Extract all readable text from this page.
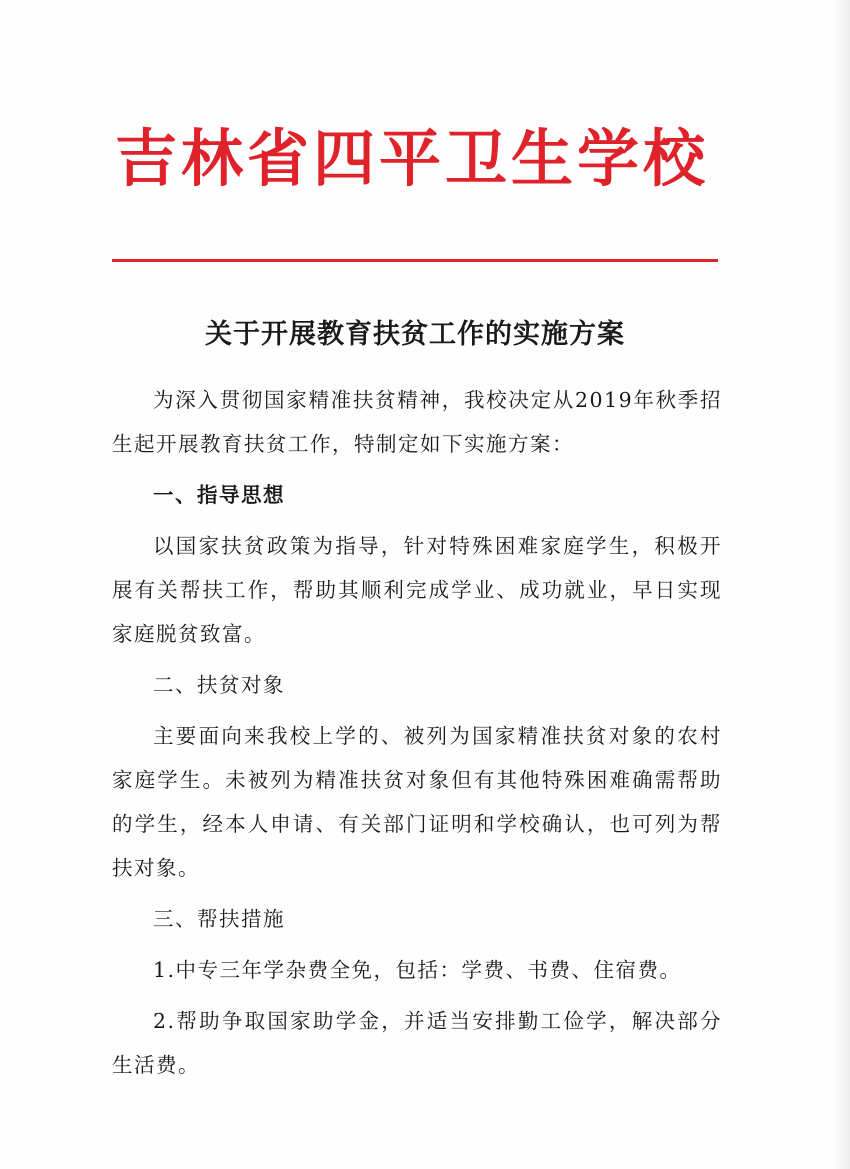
吉林省四平卫生学校
关于开展教育扶贫工作的实施方案

为深入贯彻国家精准扶贫精神，我校决定从2019年秋季招生起开展教育扶贫工作，特制定如下实施方案：

一、指导思想

以国家扶贫政策为指导，针对特殊困难家庭学生，积极开展有关帮扶工作，帮助其顺利完成学业、成功就业，早日实现家庭脱贫致富。

二、扶贫对象

主要面向来我校上学的、被列为国家精准扶贫对象的农村家庭学生。未被列为精准扶贫对象但有其他特殊困难确需帮助的学生，经本人申请、有关部门证明和学校确认，也可列为帮扶对象。

三、帮扶措施

1.中专三年学杂费全免，包括：学费、书费、住宿费。

2.帮助争取国家助学金，并适当安排勤工俭学，解决部分生活费。
